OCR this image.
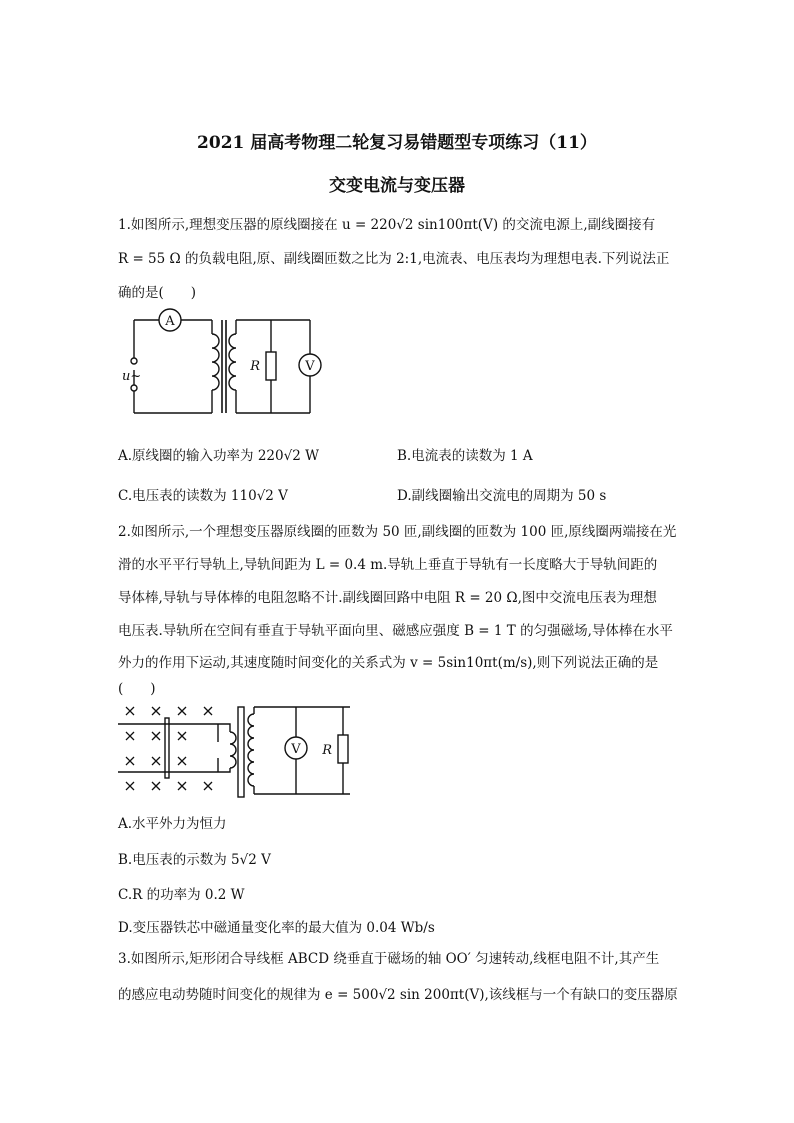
2021 届高考物理二轮复习易错题型专项练习（11）
交变电流与变压器
1.如图所示,理想变压器的原线圈接在 u = 220√2 sin100πt(V) 的交流电源上,副线圈接有
R = 55 Ω 的负载电阻,原、副线圈匝数之比为 2:1,电流表、电压表均为理想电表.下列说法正
确的是(　　)
A
V
R
u~
A.原线圈的输入功率为 220√2 W	B.电流表的读数为 1 A
C.电压表的读数为 110√2 V	D.副线圈输出交流电的周期为 50 s
2.如图所示,一个理想变压器原线圈的匝数为 50 匝,副线圈的匝数为 100 匝,原线圈两端接在光
滑的水平平行导轨上,导轨间距为 L = 0.4 m.导轨上垂直于导轨有一长度略大于导轨间距的
导体棒,导轨与导体棒的电阻忽略不计.副线圈回路中电阻 R = 20 Ω,图中交流电压表为理想
电压表.导轨所在空间有垂直于导轨平面向里、磁感应强度 B = 1 T 的匀强磁场,导体棒在水平
外力的作用下运动,其速度随时间变化的关系式为 v = 5sin10πt(m/s),则下列说法正确的是
(　　)
V R
A.水平外力为恒力
B.电压表的示数为 5√2 V
C.R 的功率为 0.2 W
D.变压器铁芯中磁通量变化率的最大值为 0.04 Wb/s
3.如图所示,矩形闭合导线框 ABCD 绕垂直于磁场的轴 OO′ 匀速转动,线框电阻不计,其产生
的感应电动势随时间变化的规律为 e = 500√2 sin 200πt(V),该线框与一个有缺口的变压器原
